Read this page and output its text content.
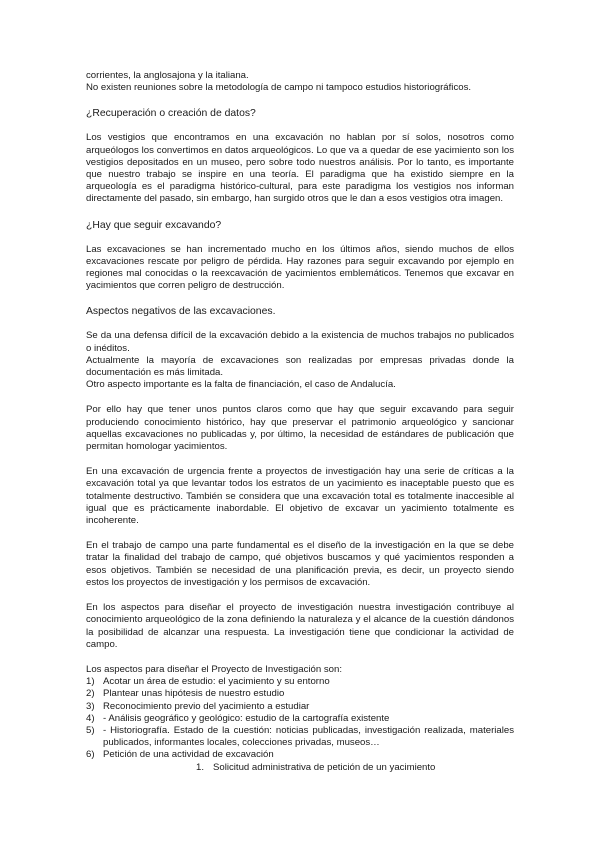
corrientes, la anglosajona y la italiana.

No existen reuniones sobre la metodología de campo ni tampoco estudios historiográficos.

¿Recuperación o creación de datos?

Los vestigios que encontramos en una excavación no hablan por sí solos, nosotros como arqueólogos los convertimos en datos arqueológicos. Lo que va a quedar de ese yacimiento son los vestigios depositados en un museo, pero sobre todo nuestros análisis. Por lo tanto, es importante que nuestro trabajo se inspire en una teoría. El paradigma que ha existido siempre en la arqueología es el paradigma histórico-cultural, para este paradigma los vestigios nos informan directamente del pasado, sin embargo, han surgido otros que le dan a esos vestigios otra imagen.

¿Hay que seguir excavando?

Las excavaciones se han incrementado mucho en los últimos años, siendo muchos de ellos excavaciones rescate por peligro de pérdida. Hay razones para seguir excavando por ejemplo en regiones mal conocidas o la reexcavación de yacimientos emblemáticos. Tenemos que excavar en yacimientos que corren peligro de destrucción.

Aspectos negativos de las excavaciones.

Se da una defensa difícil de la excavación debido a la existencia de muchos trabajos no publicados o inéditos.

Actualmente la mayoría de excavaciones son realizadas por empresas privadas donde la documentación es más limitada.

Otro aspecto importante es la falta de financiación, el caso de Andalucía.

Por ello hay que tener unos puntos claros como que hay que seguir excavando para seguir produciendo conocimiento histórico, hay que preservar el patrimonio arqueológico y sancionar aquellas excavaciones no publicadas y, por último, la necesidad de estándares de publicación que permitan homologar yacimientos.

En una excavación de urgencia frente a proyectos de investigación hay una serie de críticas a la excavación total ya que levantar todos los estratos de un yacimiento es inaceptable puesto que es totalmente destructivo. También se considera que una excavación total es totalmente inaccesible al igual que es prácticamente inabordable. El objetivo de excavar un yacimiento totalmente es incoherente.

En el trabajo de campo una parte fundamental es el diseño de la investigación en la que se debe tratar la finalidad del trabajo de campo, qué objetivos buscamos y qué yacimientos responden a esos objetivos. También se necesidad de una planificación previa, es decir, un proyecto siendo estos los proyectos de investigación y los permisos de excavación.

En los aspectos para diseñar el proyecto de investigación nuestra investigación contribuye al conocimiento arqueológico de la zona definiendo la naturaleza y el alcance de la cuestión dándonos la posibilidad de alcanzar una respuesta. La investigación tiene que condicionar la actividad de campo.

Los aspectos para diseñar el Proyecto de Investigación son:

1) Acotar un área de estudio: el yacimiento y su entorno
2) Plantear unas hipótesis de nuestro estudio
3) Reconocimiento previo del yacimiento a estudiar
4) - Análisis geográfico y geológico: estudio de la cartografía existente
5) - Historiografía. Estado de la cuestión: noticias publicadas, investigación realizada, materiales publicados, informantes locales, colecciones privadas, museos…
6) Petición de una actividad de excavación
1. Solicitud administrativa de petición de un yacimiento
